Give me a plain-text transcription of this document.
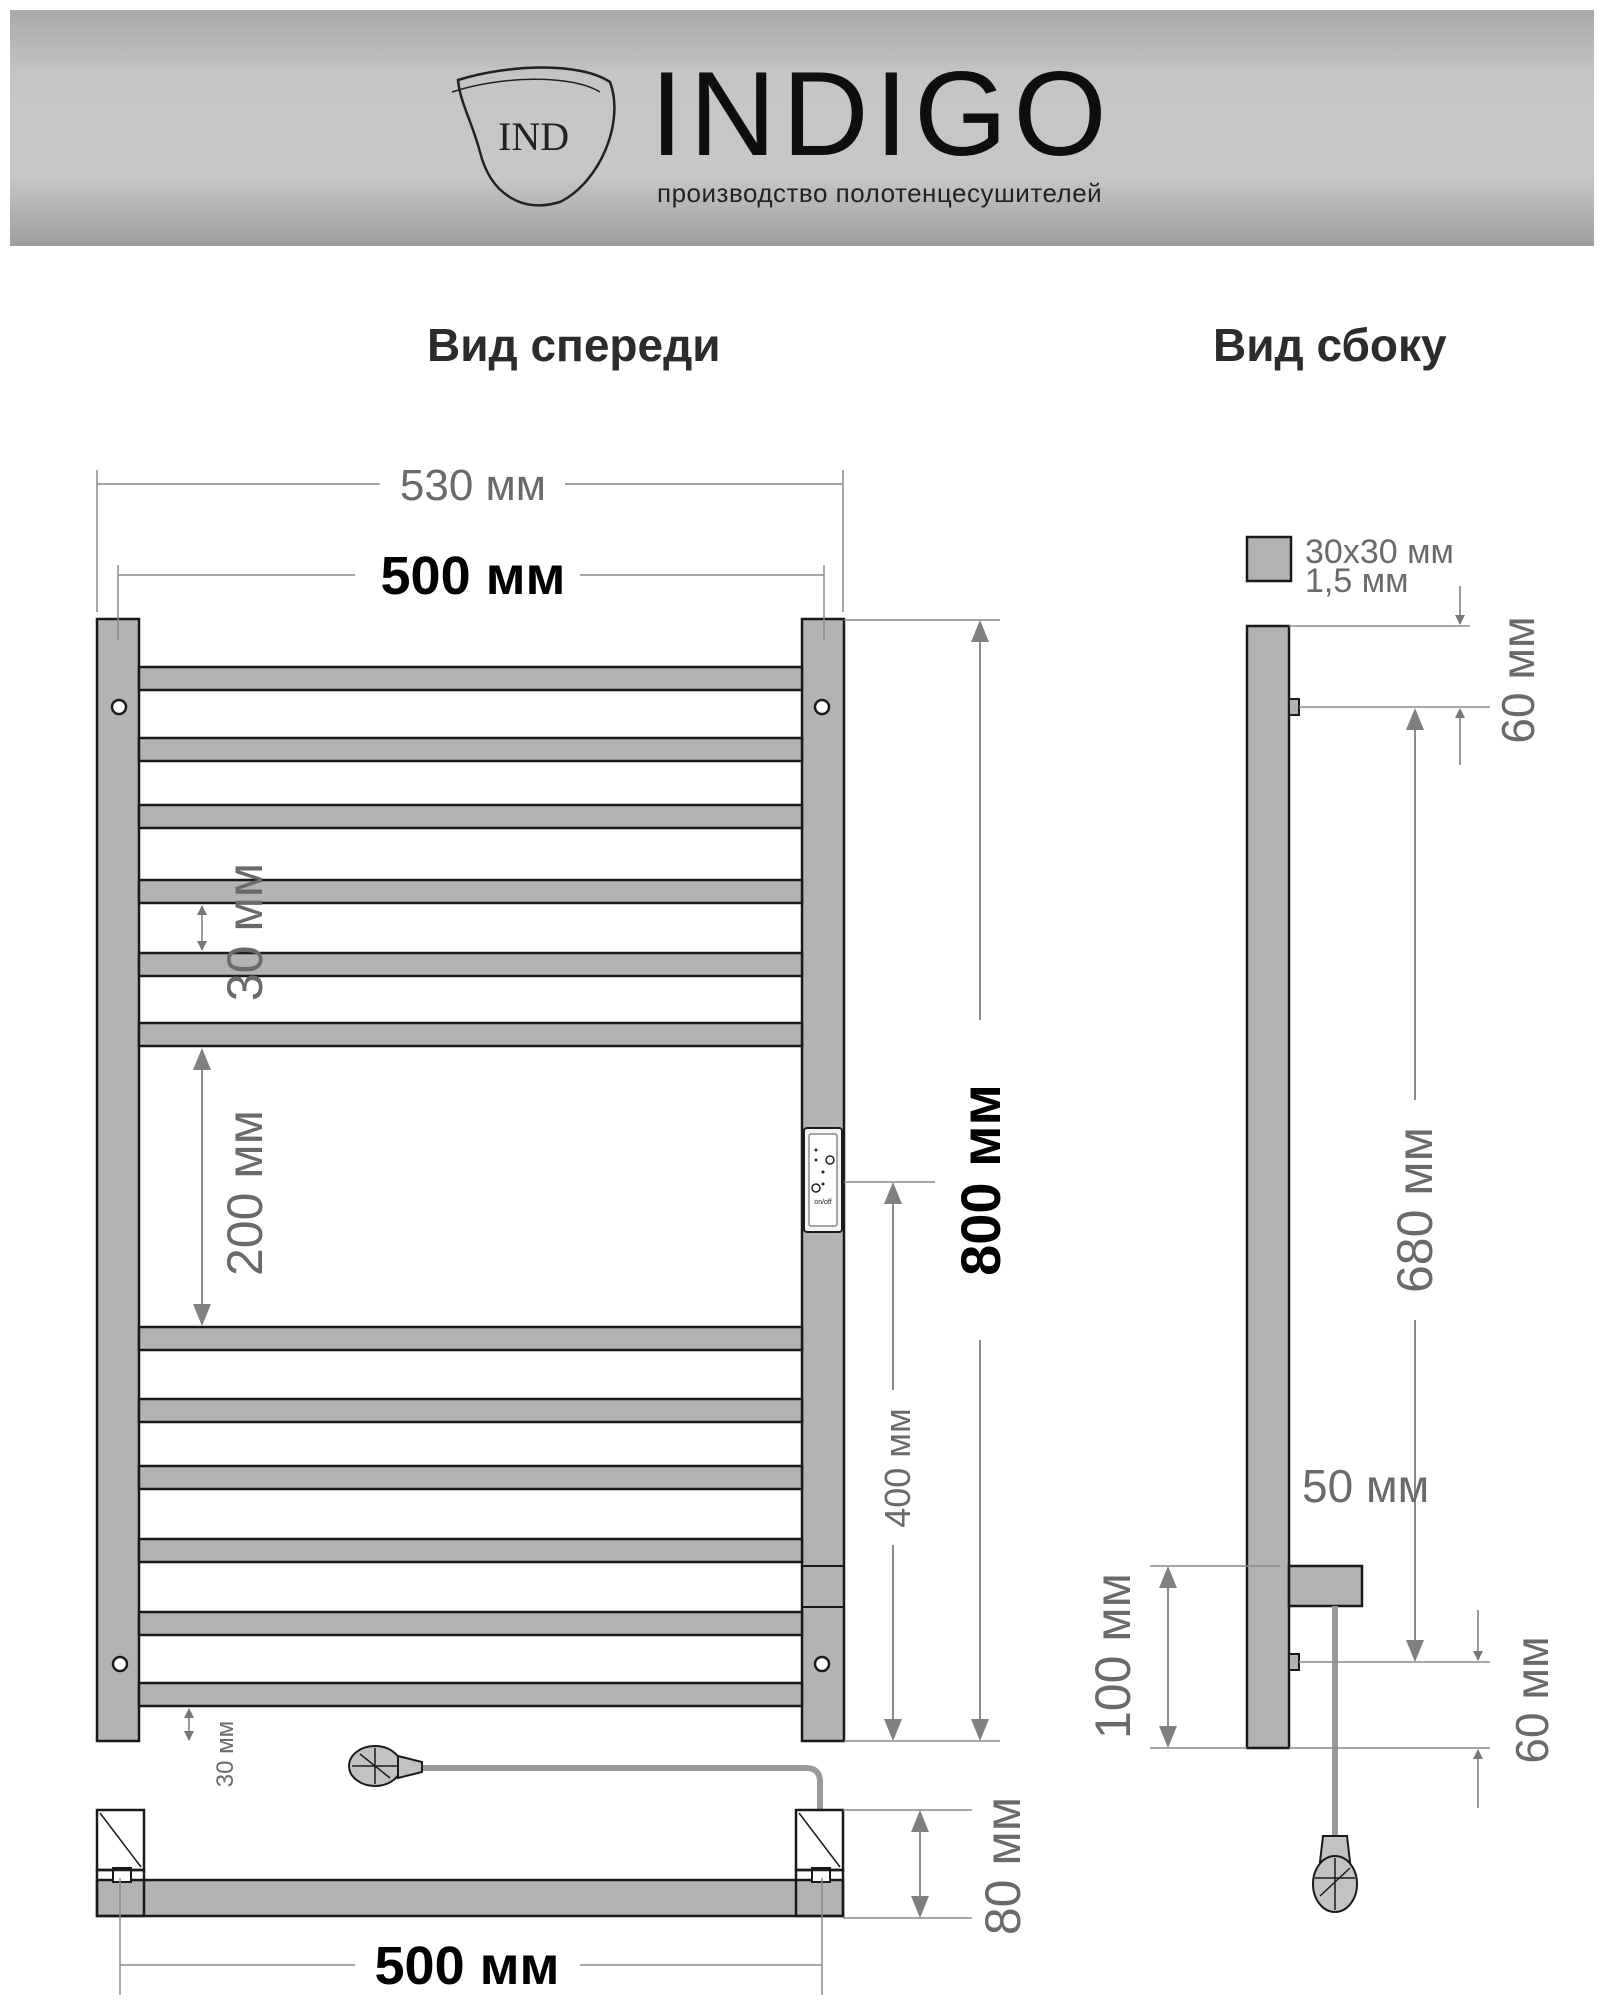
IND INDIGO
производство полотенцесушителей
Вид спереди	Вид сбоку
on/off
530 мм
500 мм
800 мм
400 мм
200 мм
30 мм
30 мм
500 мм
80 мм
30х30 мм
1,5 мм
60 мм
680 мм
60 мм
50 мм
100 мм
